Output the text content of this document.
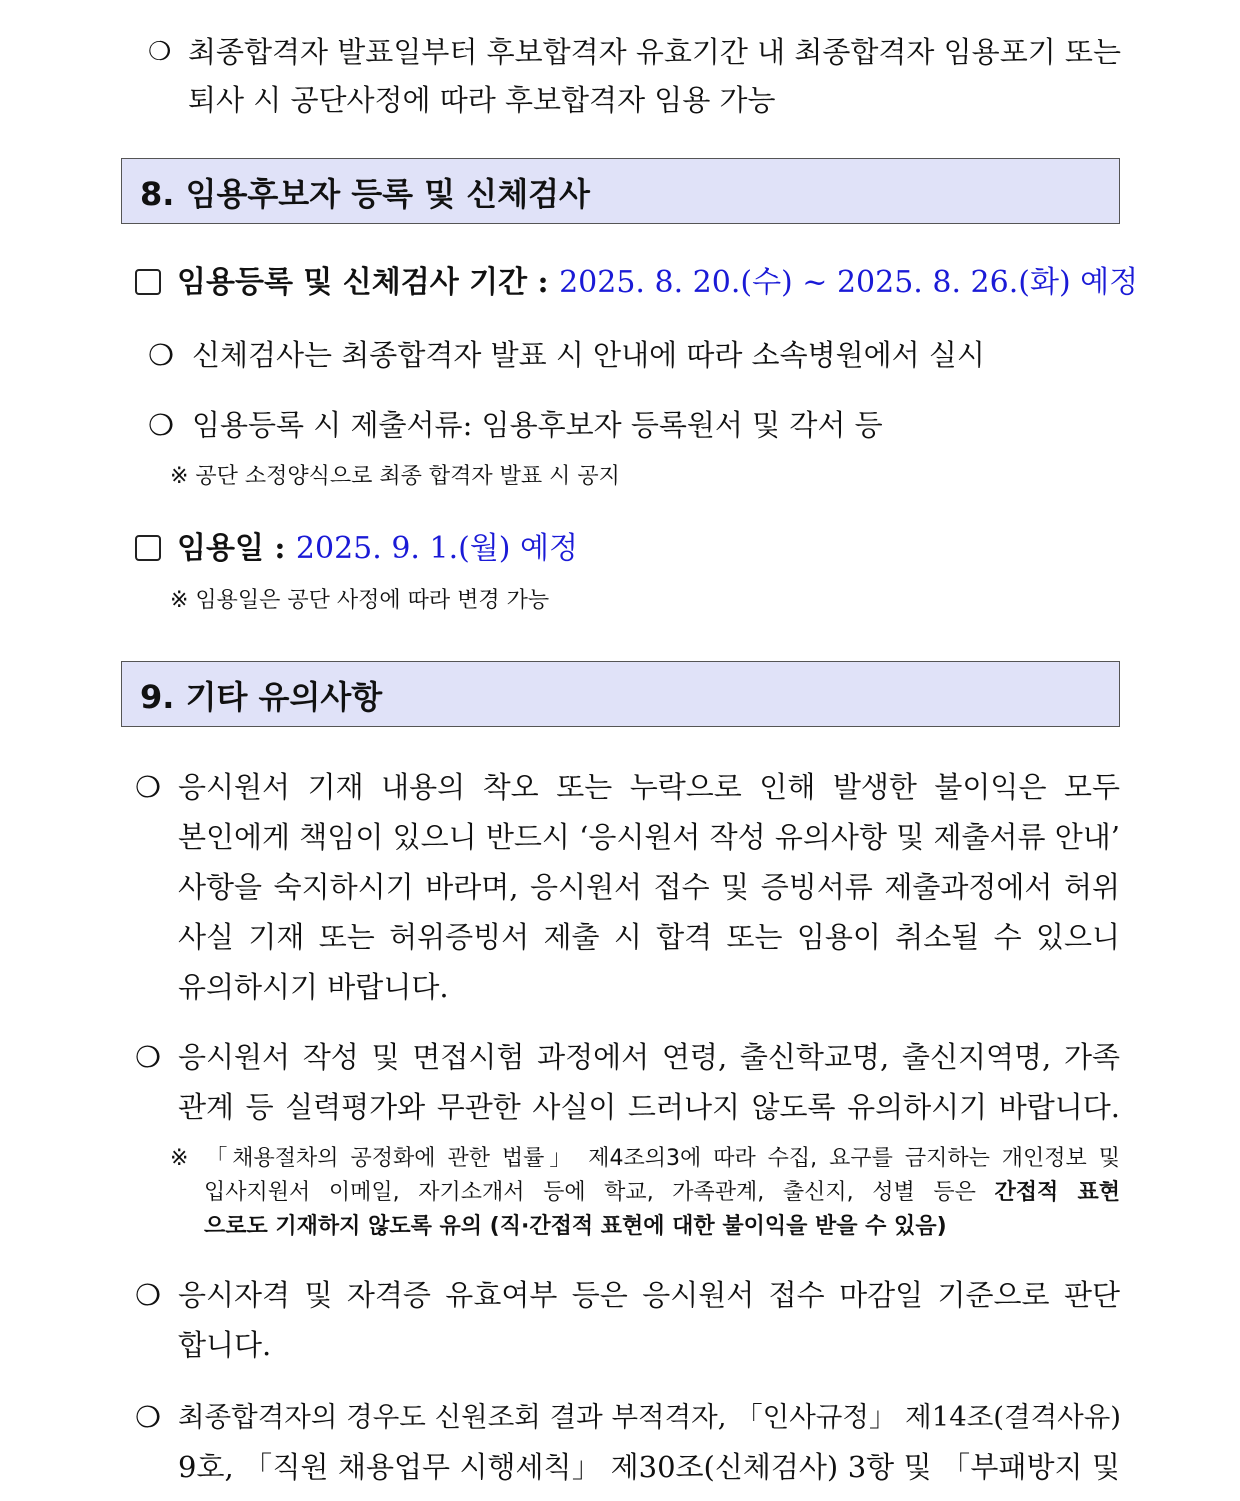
❍ 최종합격자 발표일부터 후보합격자 유효기간 내 최종합격자 임용포기 또는
퇴사 시 공단사정에 따라 후보합격자 임용 가능
8. 임용후보자 등록 및 신체검사
임용등록 및 신체검사 기간 : 2025. 8. 20.(수) ~ 2025. 8. 26.(화) 예정
❍ 신체검사는 최종합격자 발표 시 안내에 따라 소속병원에서 실시
❍ 임용등록 시 제출서류: 임용후보자 등록원서 및 각서 등
※ 공단 소정양식으로 최종 합격자 발표 시 공지
임용일 : 2025. 9. 1.(월) 예정
※ 임용일은 공단 사정에 따라 변경 가능
9. 기타 유의사항
❍ 응시원서 기재 내용의 착오 또는 누락으로 인해 발생한 불이익은 모두
본인에게 책임이 있으니 반드시 ‘응시원서 작성 유의사항 및 제출서류 안내’
사항을 숙지하시기 바라며, 응시원서 접수 및 증빙서류 제출과정에서 허위
사실 기재 또는 허위증빙서 제출 시 합격 또는 임용이 취소될 수 있으니
유의하시기 바랍니다.
❍ 응시원서 작성 및 면접시험 과정에서 연령, 출신학교명, 출신지역명, 가족
관계 등 실력평가와 무관한 사실이 드러나지 않도록 유의하시기 바랍니다.
※ 「채용절차의 공정화에 관한 법률」 제4조의3에 따라 수집, 요구를 금지하는 개인정보 및
입사지원서 이메일, 자기소개서 등에 학교, 가족관계, 출신지, 성별 등은 간접적 표현
으로도 기재하지 않도록 유의 (직·간접적 표현에 대한 불이익을 받을 수 있음)
❍ 응시자격 및 자격증 유효여부 등은 응시원서 접수 마감일 기준으로 판단
합니다.
❍ 최종합격자의 경우도 신원조회 결과 부적격자, 「인사규정」 제14조(결격사유)
9호, 「직원 채용업무 시행세칙」 제30조(신체검사) 3항 및 「부패방지 및
